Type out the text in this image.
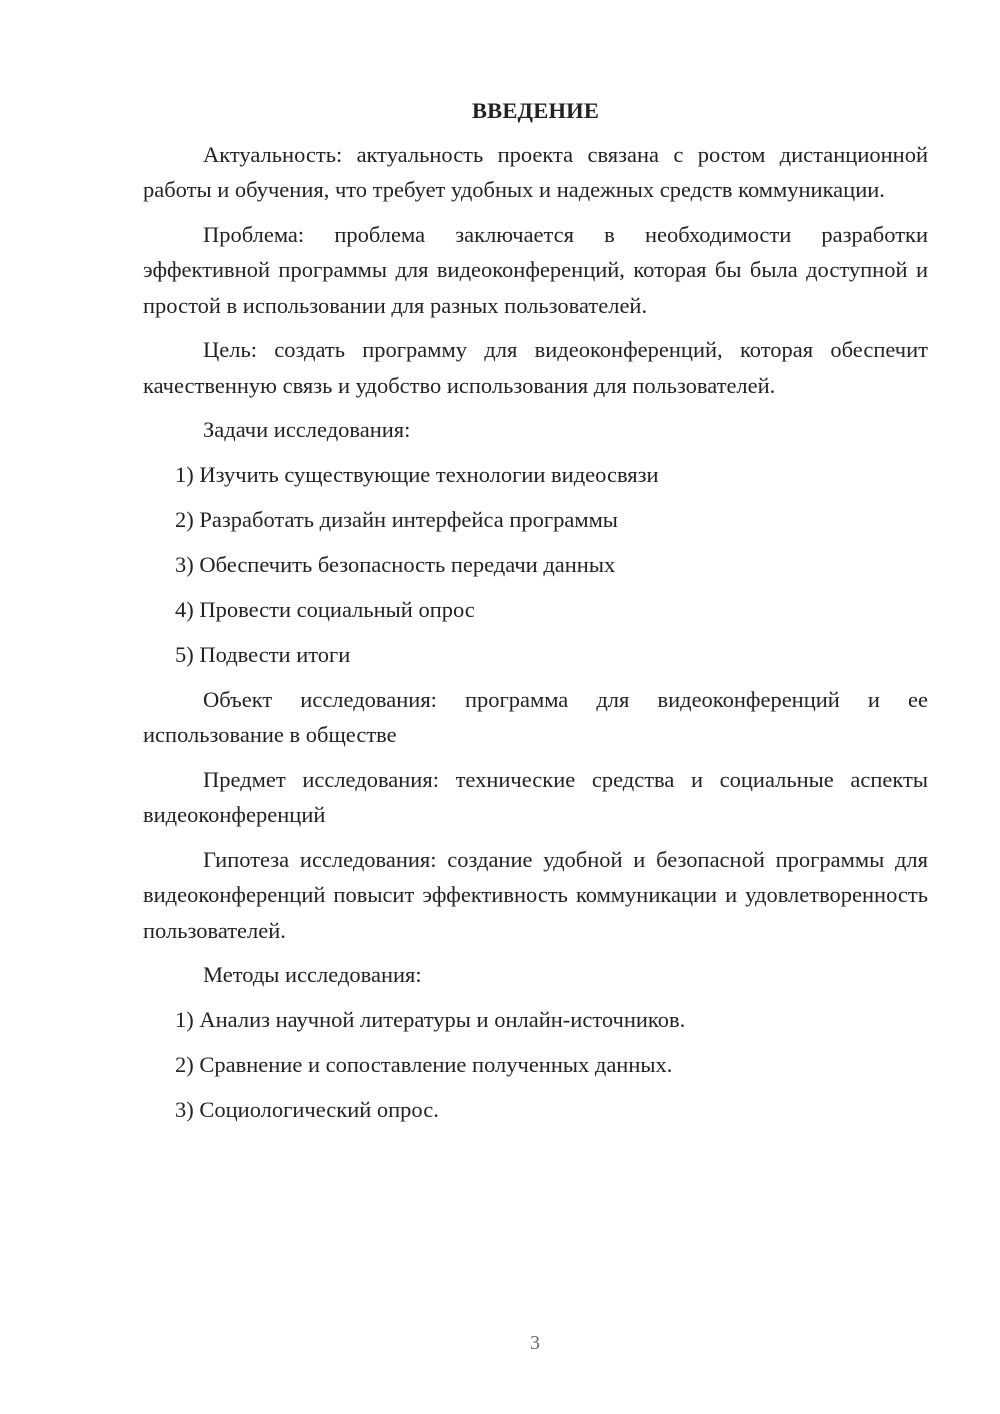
ВВЕДЕНИЕ

Актуальность: актуальность проекта связана с ростом дистанционной работы и обучения, что требует удобных и надежных средств коммуникации.

Проблема: проблема заключается в необходимости разработки эффективной программы для видеоконференций, которая бы была доступной и простой в использовании для разных пользователей.

Цель: создать программу для видеоконференций, которая обеспечит качественную связь и удобство использования для пользователей.

Задачи исследования:

1) Изучить существующие технологии видеосвязи
2) Разработать дизайн интерфейса программы
3) Обеспечить безопасность передачи данных
4) Провести социальный опрос
5) Подвести итоги

Объект исследования: программа для видеоконференций и ее использование в обществе

Предмет исследования: технические средства и социальные аспекты видеоконференций

Гипотеза исследования: создание удобной и безопасной программы для видеоконференций повысит эффективность коммуникации и удовлетворенность пользователей.

Методы исследования:

1) Анализ научной литературы и онлайн-источников.
2) Сравнение и сопоставление полученных данных.
3) Социологический опрос.
3
